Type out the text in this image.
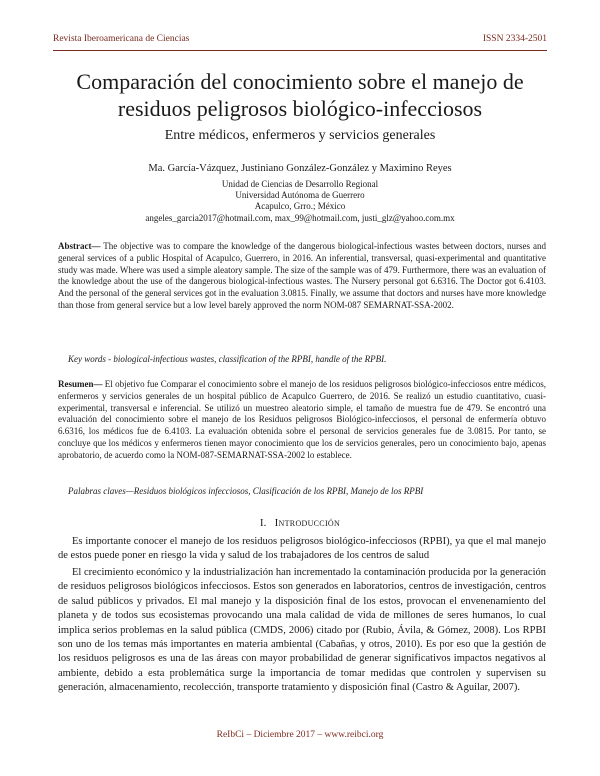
Revista Iberoamericana de Ciencias	ISSN 2334-2501
Comparación del conocimiento sobre el manejo de residuos peligrosos biológico-infecciosos
Entre médicos, enfermeros y servicios generales
Ma. García-Vázquez, Justiniano González-González y Maximino Reyes
Unidad de Ciencias de Desarrollo Regional
Universidad Autónoma de Guerrero
Acapulco, Grro.; México
angeles_garcia2017@hotmail.com, max_99@hotmail.com, justi_glz@yahoo.com.mx
Abstract— The objective was to compare the knowledge of the dangerous biological-infectious wastes between doctors, nurses and general services of a public Hospital of Acapulco, Guerrero, in 2016. An inferential, transversal, quasi-experimental and quantitative study was made. Where was used a simple aleatory sample. The size of the sample was of 479. Furthermore, there was an evaluation of the knowledge about the use of the dangerous biological-infectious wastes. The Nursery personal got 6.6316. The Doctor got 6.4103. And the personal of the general services got in the evaluation 3.0815. Finally, we assume that doctors and nurses have more knowledge than those from general service but a low level barely approved the norm NOM-087 SEMARNAT-SSA-2002.
Key words - biological-infectious wastes, classification of the RPBI, handle of the RPBI.
Resumen— El objetivo fue Comparar el conocimiento sobre el manejo de los residuos peligrosos biológico-infecciosos entre médicos, enfermeros y servicios generales de un hospital público de Acapulco Guerrero, de 2016. Se realizó un estudio cuantitativo, cuasi-experimental, transversal e inferencial. Se utilizó un muestreo aleatorio simple, el tamaño de muestra fue de 479. Se encontró una evaluación del conocimiento sobre el manejo de los Residuos peligrosos Biológico-infecciosos, el personal de enfermería obtuvo 6.6316, los médicos fue de 6.4103. La evaluación obtenida sobre el personal de servicios generales fue de 3.0815. Por tanto, se concluye que los médicos y enfermeros tienen mayor conocimiento que los de servicios generales, pero un conocimiento bajo, apenas aprobatorio, de acuerdo como la NOM-087-SEMARNAT-SSA-2002 lo establece.
Palabras claves—Residuos biológicos infecciosos, Clasificación de los RPBI, Manejo de los RPBI
I. Introducción
Es importante conocer el manejo de los residuos peligrosos biológico-infecciosos (RPBI), ya que el mal manejo de estos puede poner en riesgo la vida y salud de los trabajadores de los centros de salud
El crecimiento económico y la industrialización han incrementado la contaminación producida por la generación de residuos peligrosos biológicos infecciosos. Estos son generados en laboratorios, centros de investigación, centros de salud públicos y privados. El mal manejo y la disposición final de los estos, provocan el envenenamiento del planeta y de todos sus ecosistemas provocando una mala calidad de vida de millones de seres humanos, lo cual implica serios problemas en la salud pública (CMDS, 2006) citado por (Rubio, Ávila, & Gómez, 2008). Los RPBI son uno de los temas más importantes en materia ambiental (Cabañas, y otros, 2010). Es por eso que la gestión de los residuos peligrosos es una de las áreas con mayor probabilidad de generar significativos impactos negativos al ambiente, debido a esta problemática surge la importancia de tomar medidas que controlen y supervisen su generación, almacenamiento, recolección, transporte tratamiento y disposición final (Castro & Aguilar, 2007).
ReIbCi – Diciembre 2017 – www.reibci.org
